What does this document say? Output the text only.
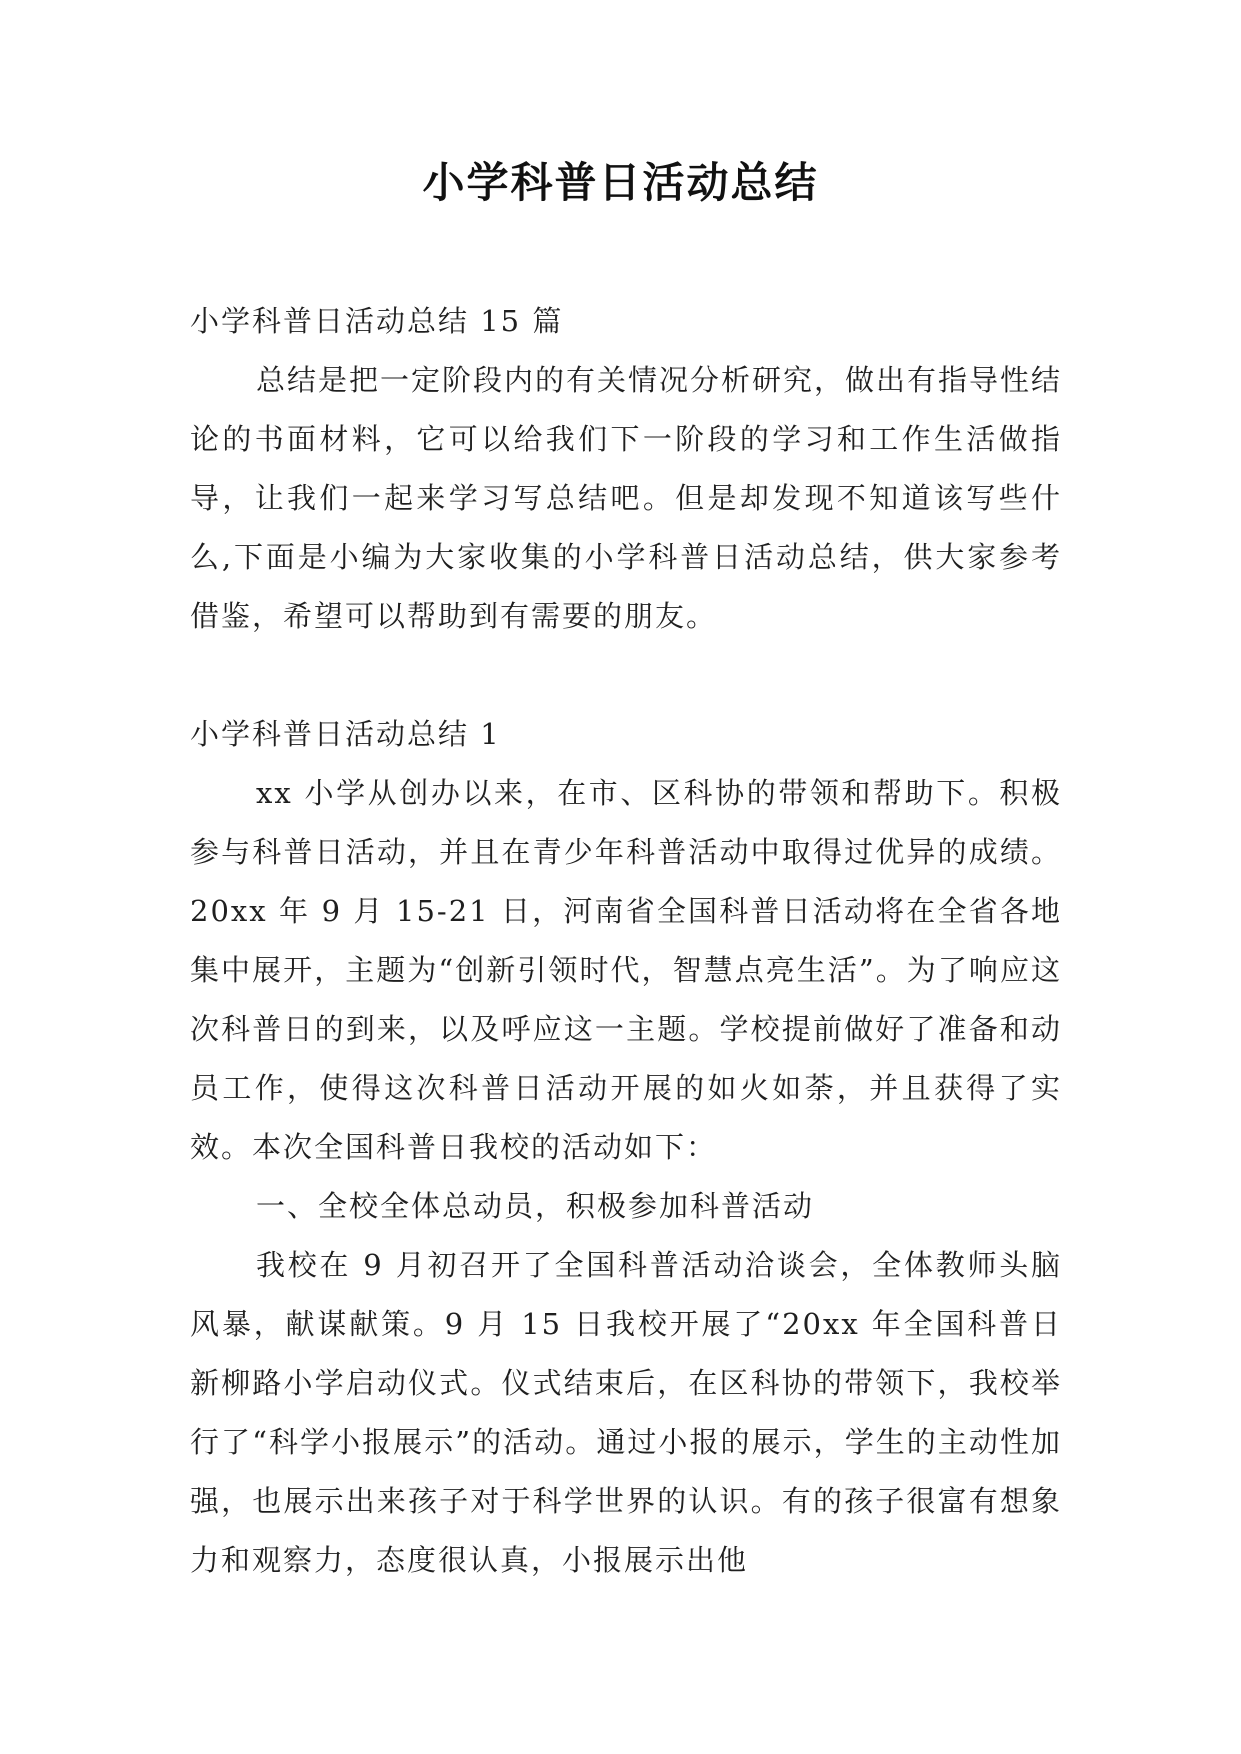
小学科普日活动总结

小学科普日活动总结 15 篇

总结是把一定阶段内的有关情况分析研究，做出有指导性结论的书面材料，它可以给我们下一阶段的学习和工作生活做指导，让我们一起来学习写总结吧。但是却发现不知道该写些什么,下面是小编为大家收集的小学科普日活动总结，供大家参考借鉴，希望可以帮助到有需要的朋友。

小学科普日活动总结 1

xx 小学从创办以来，在市、区科协的带领和帮助下。积极参与科普日活动，并且在青少年科普活动中取得过优异的成绩。20xx 年 9 月 15-21 日，河南省全国科普日活动将在全省各地集中展开，主题为“创新引领时代，智慧点亮生活”。为了响应这次科普日的到来，以及呼应这一主题。学校提前做好了准备和动员工作，使得这次科普日活动开展的如火如荼，并且获得了实效。本次全国科普日我校的活动如下：

一、全校全体总动员，积极参加科普活动

我校在 9 月初召开了全国科普活动洽谈会，全体教师头脑风暴，献谋献策。9 月 15 日我校开展了“20xx 年全国科普日新柳路小学启动仪式。仪式结束后，在区科协的带领下，我校举行了“科学小报展示”的活动。通过小报的展示，学生的主动性加强，也展示出来孩子对于科学世界的认识。有的孩子很富有想象力和观察力，态度很认真，小报展示出他
